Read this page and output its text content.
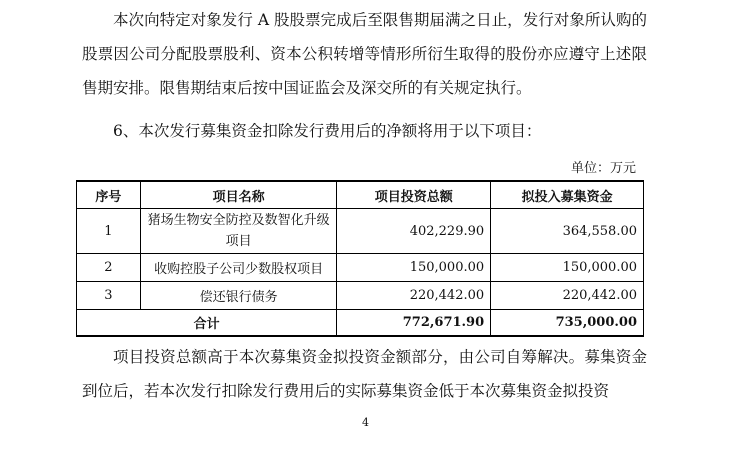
本次向特定对象发行 A 股股票完成后至限售期届满之日止，发行对象所认购的股票因公司分配股票股利、资本公积转增等情形所衍生取得的股份亦应遵守上述限售期安排。限售期结束后按中国证监会及深交所的有关规定执行。

6、本次发行募集资金扣除发行费用后的净额将用于以下项目：

单位：万元
序号	项目名称	项目投资总额	拟投入募集资金
1	猪场生物安全防控及数智化升级项目	402,229.90	364,558.00
2	收购控股子公司少数股权项目	150,000.00	150,000.00
3	偿还银行债务	220,442.00	220,442.00
合计		772,671.90	735,000.00

项目投资总额高于本次募集资金拟投资金额部分，由公司自筹解决。募集资金到位后，若本次发行扣除发行费用后的实际募集资金低于本次募集资金拟投资

4
